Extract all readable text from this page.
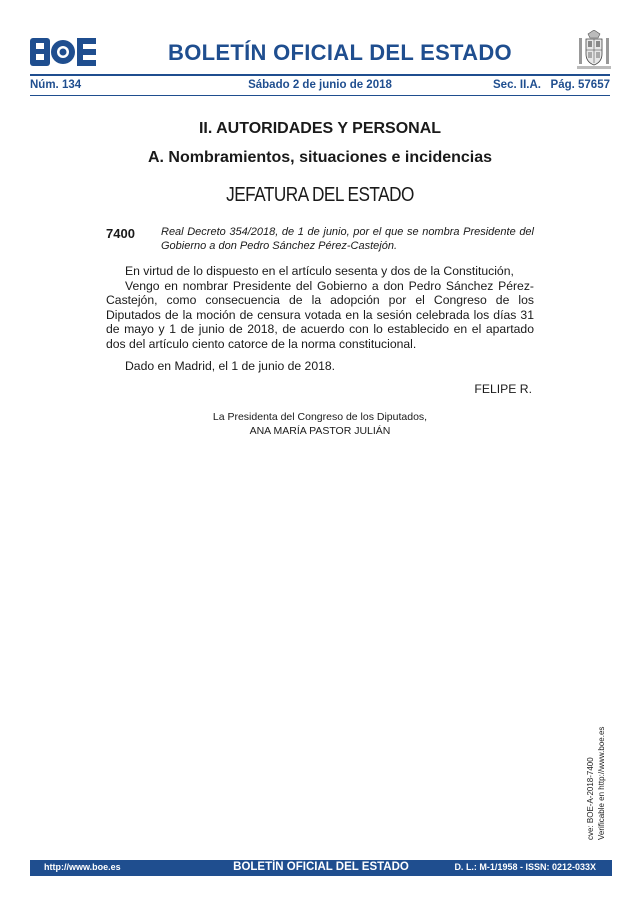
BOLETÍN OFICIAL DEL ESTADO
Núm. 134	Sábado 2 de junio de 2018	Sec. II.A.   Pág. 57657
II. AUTORIDADES Y PERSONAL
A. Nombramientos, situaciones e incidencias
JEFATURA DEL ESTADO
7400 Real Decreto 354/2018, de 1 de junio, por el que se nombra Presidente del Gobierno a don Pedro Sánchez Pérez-Castejón.

En virtud de lo dispuesto en el artículo sesenta y dos de la Constitución,

Vengo en nombrar Presidente del Gobierno a don Pedro Sánchez Pérez-Castejón, como consecuencia de la adopción por el Congreso de los Diputados de la moción de censura votada en la sesión celebrada los días 31 de mayo y 1 de junio de 2018, de acuerdo con lo establecido en el apartado dos del artículo ciento catorce de la norma constitucional.

Dado en Madrid, el 1 de junio de 2018.
FELIPE R.
La Presidenta del Congreso de los Diputados,
ANA MARÍA PASTOR JULIÁN
cve: BOE-A-2018-7400 Verificable en http://www.boe.es
http://www.boe.es	BOLETÍN OFICIAL DEL ESTADO	D. L.: M-1/1958 - ISSN: 0212-033X
